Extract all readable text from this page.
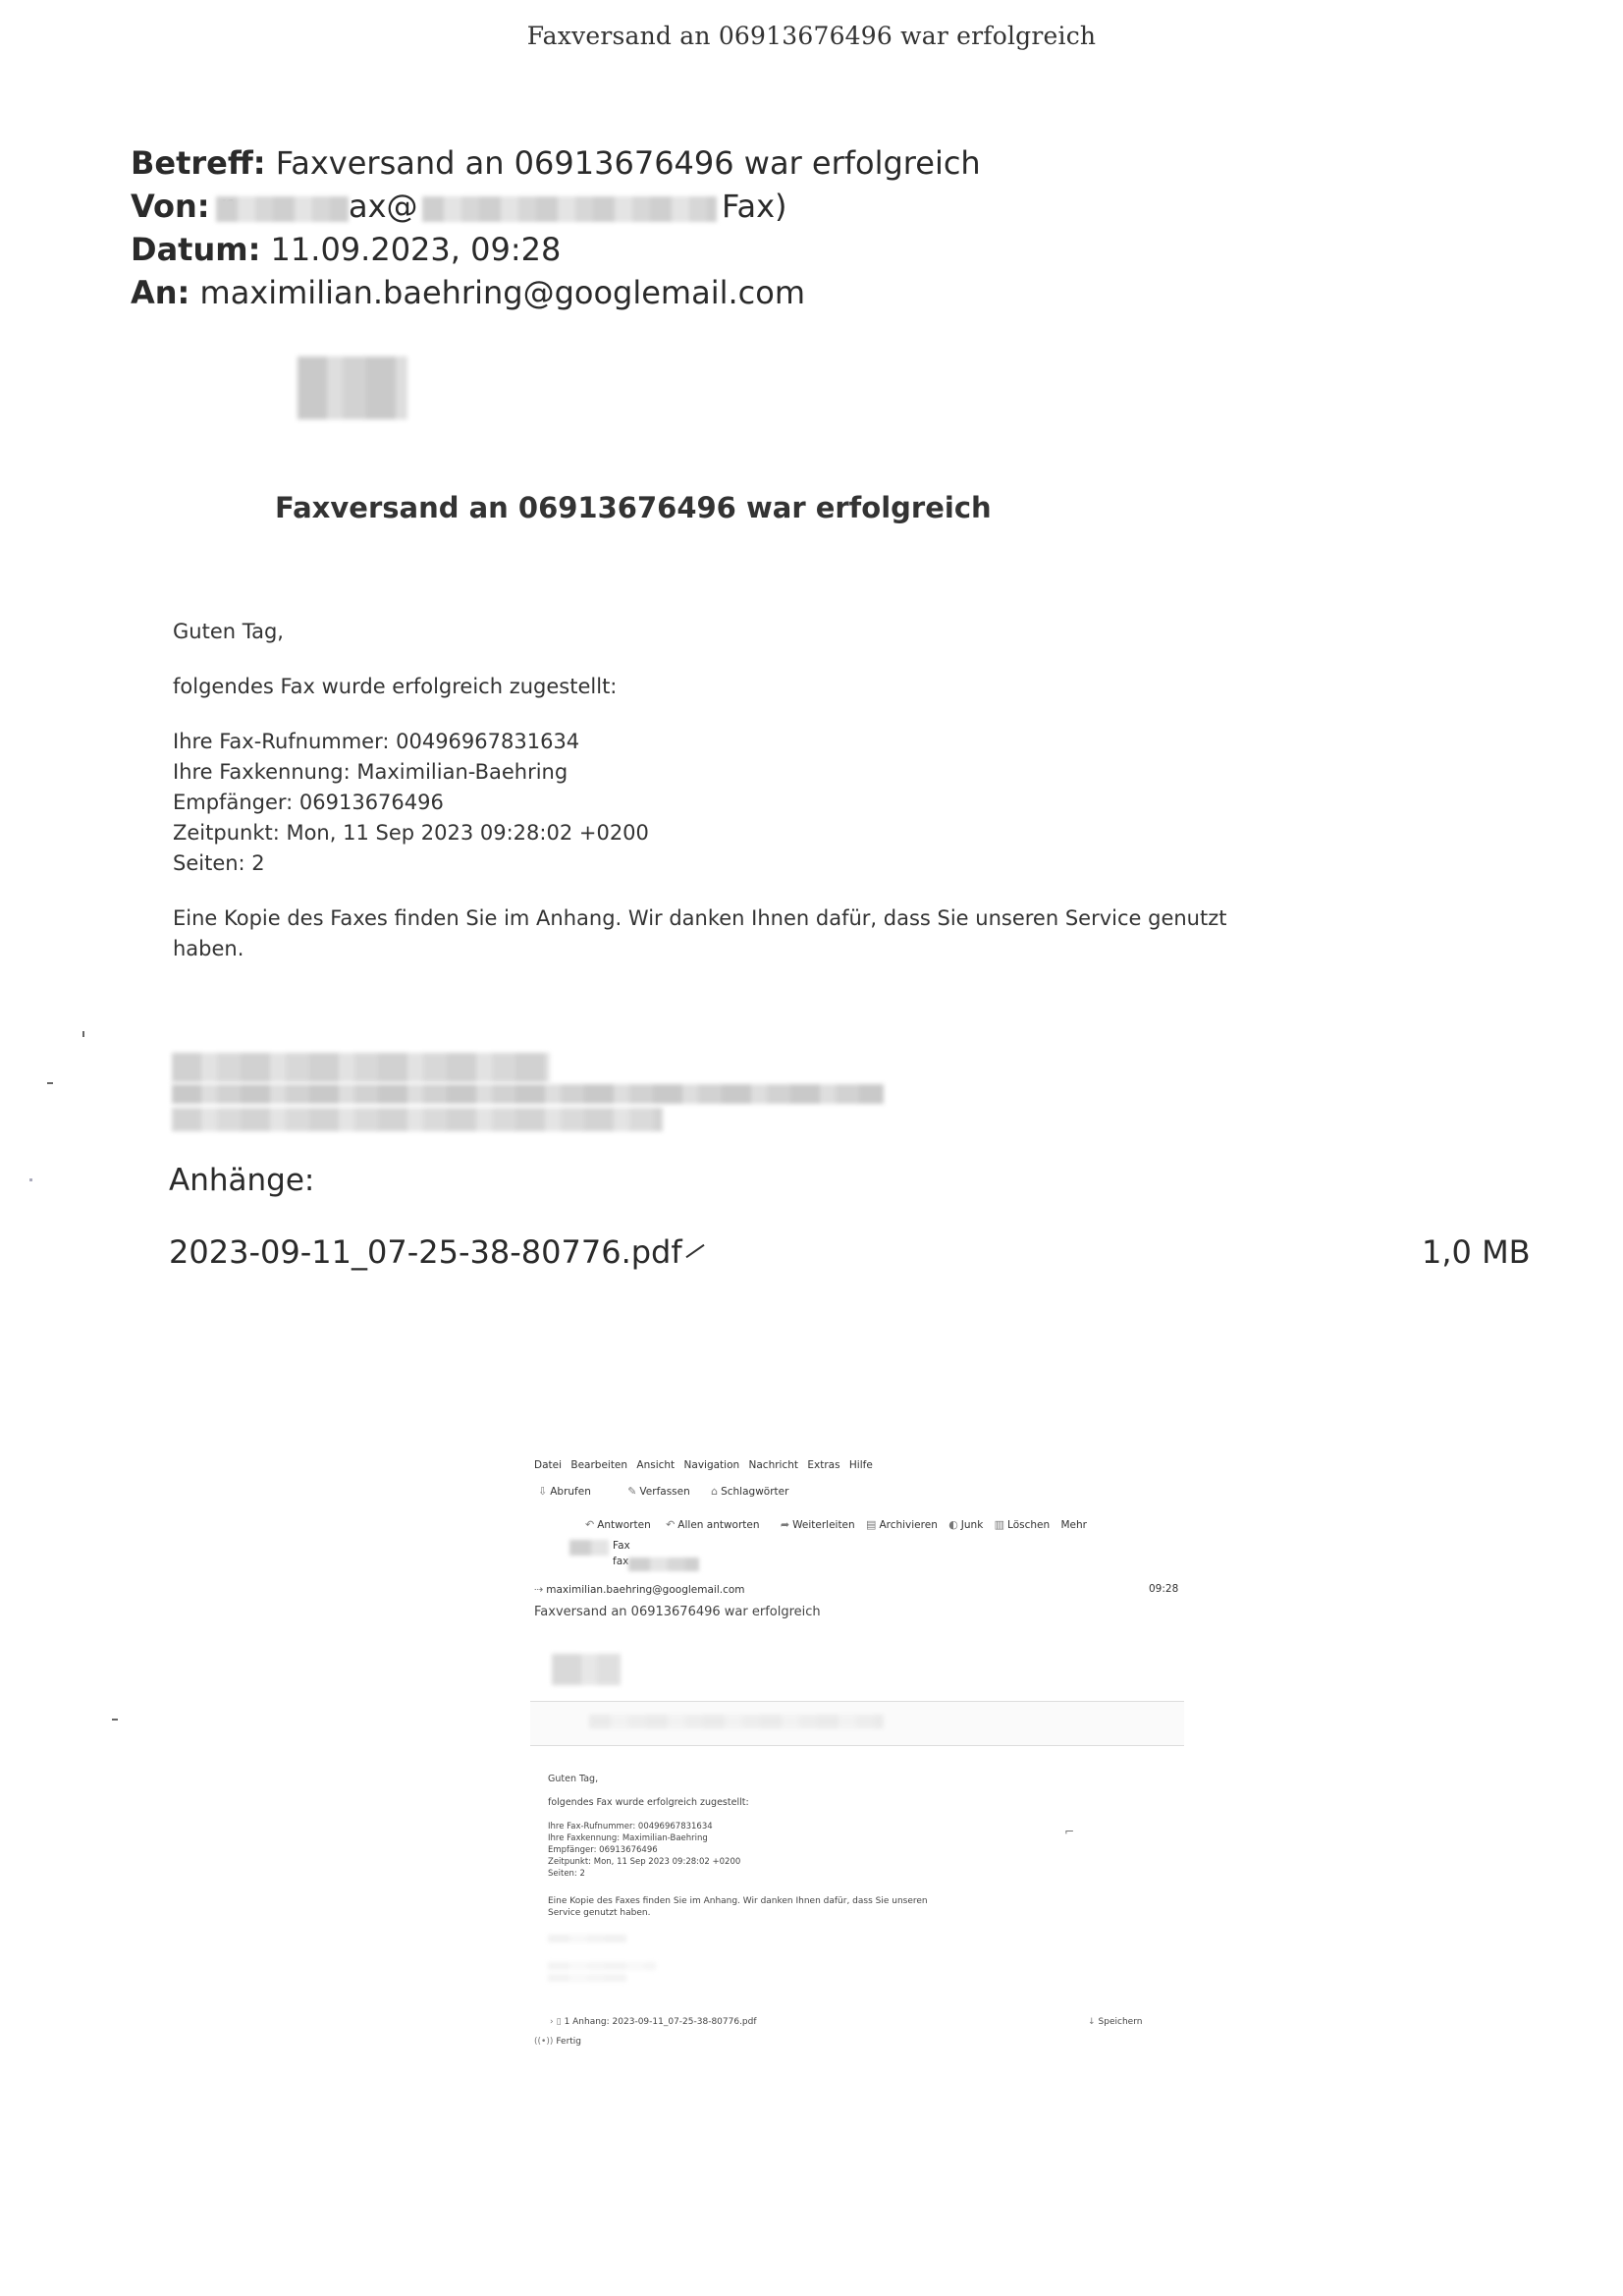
Faxversand an 06913676496 war erfolgreich
Betreff: Faxversand an 06913676496 war erfolgreich
Von:	ax@	Fax)
Datum: 11.09.2023, 09:28
An: maximilian.baehring@googlemail.com
Faxversand an 06913676496 war erfolgreich
Guten Tag,
folgendes Fax wurde erfolgreich zugestellt:
Ihre Fax-Rufnummer: 00496967831634
Ihre Faxkennung: Maximilian-Baehring
Empfänger: 06913676496
Zeitpunkt: Mon, 11 Sep 2023 09:28:02 +0200
Seiten: 2
Eine Kopie des Faxes finden Sie im Anhang. Wir danken Ihnen dafür, dass Sie unseren Service genutzt
haben.
Anhänge:
2023-09-11_07-25-38-80776.pdf	1,0 MB
Datei Bearbeiten Ansicht Navigation Nachricht Extras Hilfe
⇩ Abrufen	✎ Verfassen ⌂ Schlagwörter
↶ Antworten ↶ Allen antworten ➦ Weiterleiten ▤ Archivieren ◐ Junk ▥ Löschen Mehr
Fax
fax
⇢ maximilian.baehring@googlemail.com	09:28
Faxversand an 06913676496 war erfolgreich
Guten Tag,
folgendes Fax wurde erfolgreich zugestellt:
Ihre Fax-Rufnummer: 00496967831634
Ihre Faxkennung: Maximilian-Baehring
Empfänger: 06913676496
Zeitpunkt: Mon, 11 Sep 2023 09:28:02 +0200
Seiten: 2
Eine Kopie des Faxes finden Sie im Anhang. Wir danken Ihnen dafür, dass Sie unseren
Service genutzt haben.
› ▯ 1 Anhang: 2023-09-11_07-25-38-80776.pdf	↓ Speichern
((•)) Fertig
⌐
